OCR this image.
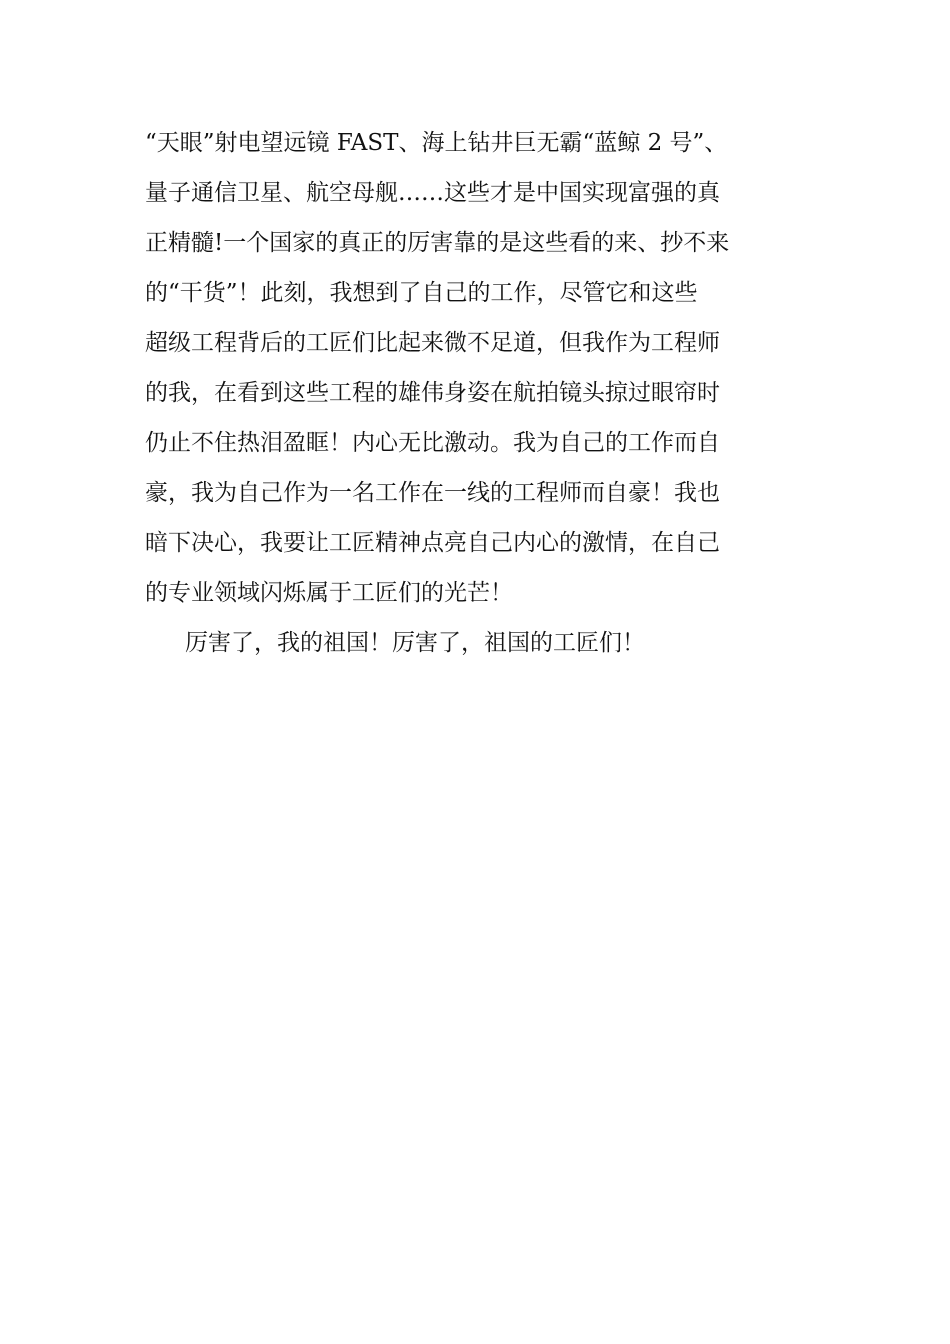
“天眼”射电望远镜 FAST、海上钻井巨无霸“蓝鲸 2 号”、
量子通信卫星、航空母舰……这些才是中国实现富强的真
正精髓!一个国家的真正的厉害靠的是这些看的来、抄不来
的“干货”！此刻，我想到了自己的工作，尽管它和这些
超级工程背后的工匠们比起来微不足道，但我作为工程师
的我，在看到这些工程的雄伟身姿在航拍镜头掠过眼帘时
仍止不住热泪盈眶！内心无比激动。我为自己的工作而自
豪，我为自己作为一名工作在一线的工程师而自豪！我也
暗下决心，我要让工匠精神点亮自己内心的激情，在自己
的专业领域闪烁属于工匠们的光芒！
厉害了，我的祖国！厉害了，祖国的工匠们！
